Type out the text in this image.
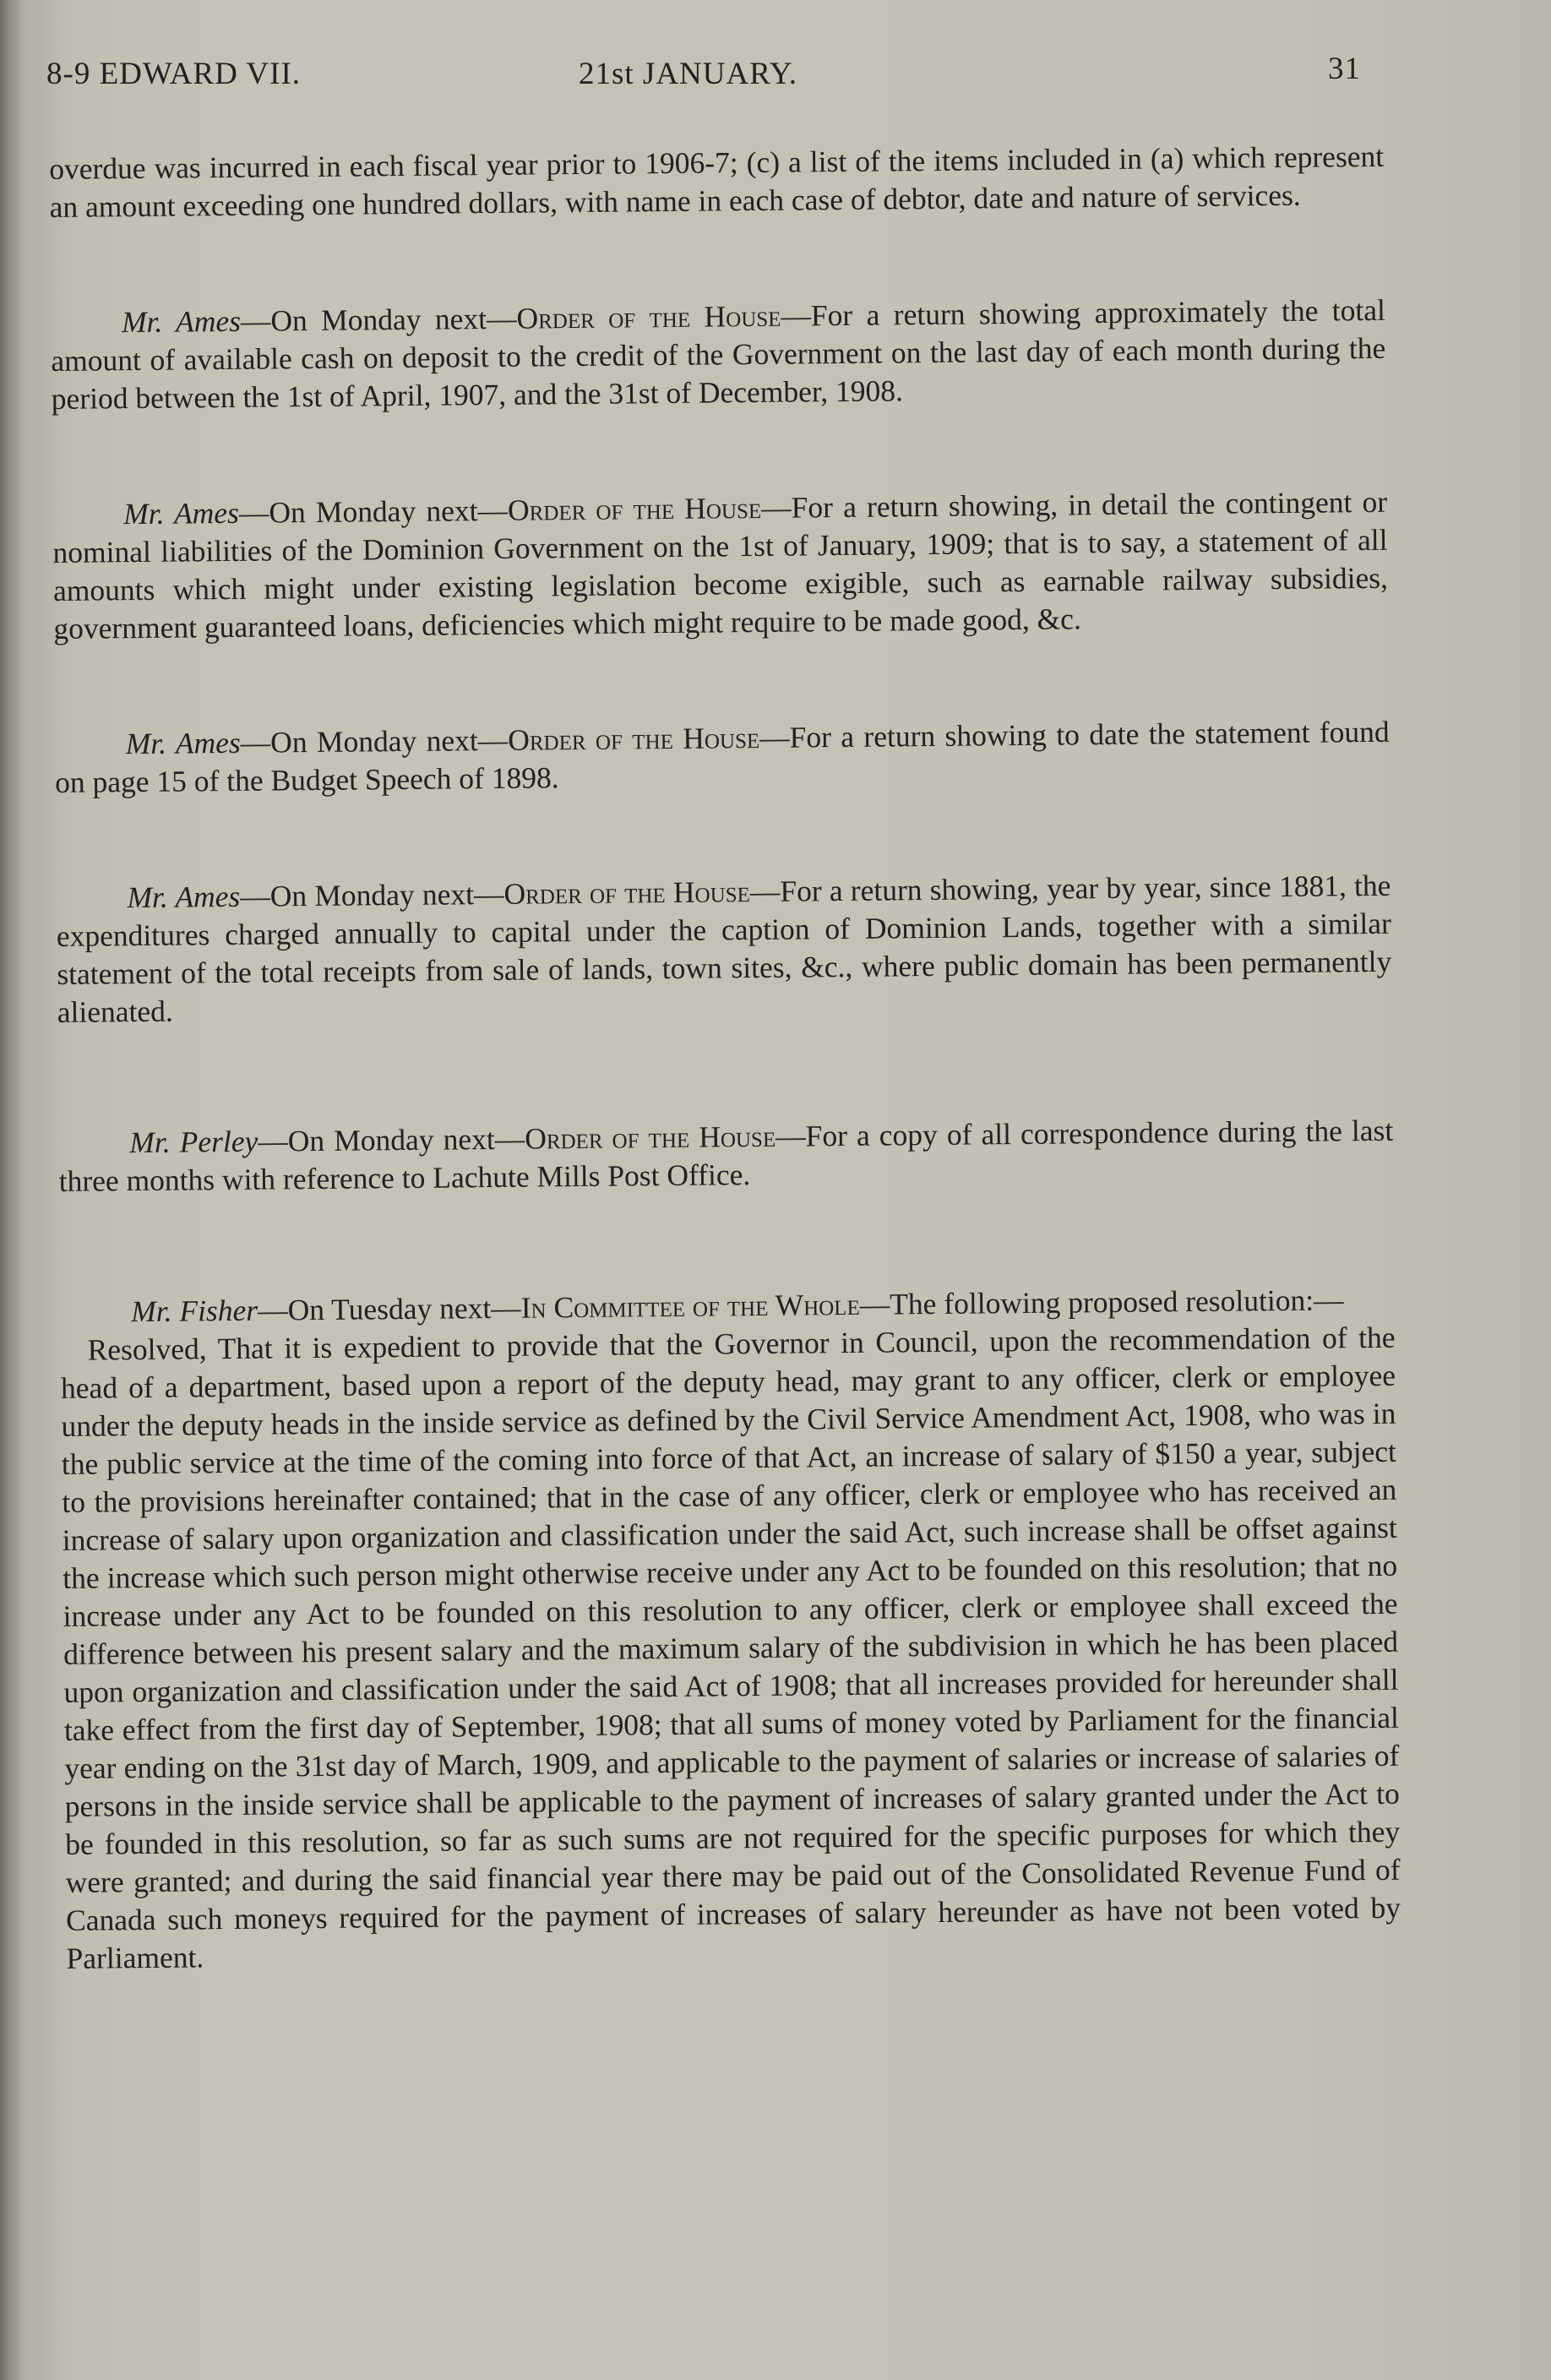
8-9 EDWARD VII.	21st JANUARY.	31

overdue was incurred in each fiscal year prior to 1906-7; (c) a list of the items included in (a) which represent an amount exceeding one hundred dollars, with name in each case of debtor, date and nature of services.

Mr. Ames—On Monday next—Order of the House—For a return showing approximately the total amount of available cash on deposit to the credit of the Government on the last day of each month during the period between the 1st of April, 1907, and the 31st of December, 1908.

Mr. Ames—On Monday next—Order of the House—For a return showing, in detail the contingent or nominal liabilities of the Dominion Government on the 1st of January, 1909; that is to say, a statement of all amounts which might under existing legislation become exigible, such as earnable railway subsidies, government guaranteed loans, deficiencies which might require to be made good, &c.

Mr. Ames—On Monday next—Order of the House—For a return showing to date the statement found on page 15 of the Budget Speech of 1898.

Mr. Ames—On Monday next—Order of the House—For a return showing, year by year, since 1881, the expenditures charged annually to capital under the caption of Dominion Lands, together with a similar statement of the total receipts from sale of lands, town sites, &c., where public domain has been permanently alienated.

Mr. Perley—On Monday next—Order of the House—For a copy of all correspondence during the last three months with reference to Lachute Mills Post Office.

Mr. Fisher—On Tuesday next—In Committee of the Whole—The following proposed resolution:—

Resolved, That it is expedient to provide that the Governor in Council, upon the recommendation of the head of a department, based upon a report of the deputy head, may grant to any officer, clerk or employee under the deputy heads in the inside service as defined by the Civil Service Amendment Act, 1908, who was in the public service at the time of the coming into force of that Act, an increase of salary of $150 a year, subject to the provisions hereinafter contained; that in the case of any officer, clerk or employee who has received an increase of salary upon organization and classification under the said Act, such increase shall be offset against the increase which such person might otherwise receive under any Act to be founded on this resolution; that no increase under any Act to be founded on this resolution to any officer, clerk or employee shall exceed the difference between his present salary and the maximum salary of the subdivision in which he has been placed upon organization and classification under the said Act of 1908; that all increases provided for hereunder shall take effect from the first day of September, 1908; that all sums of money voted by Parliament for the financial year ending on the 31st day of March, 1909, and applicable to the payment of salaries or increase of salaries of persons in the inside service shall be applicable to the payment of increases of salary granted under the Act to be founded in this resolution, so far as such sums are not required for the specific purposes for which they were granted; and during the said financial year there may be paid out of the Consolidated Revenue Fund of Canada such moneys required for the payment of increases of salary hereunder as have not been voted by Parliament.
